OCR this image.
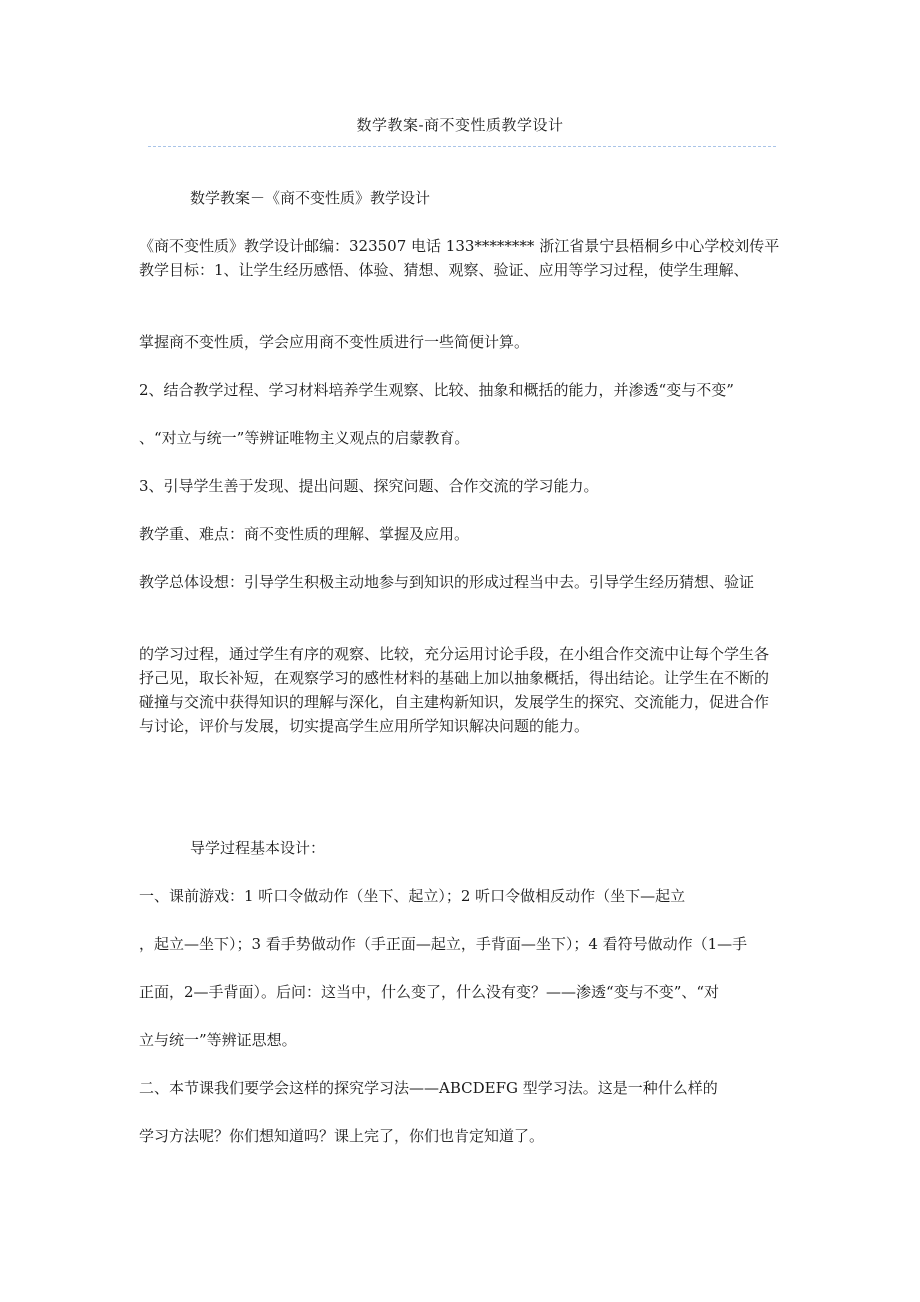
数学教案-商不变性质教学设计

数学教案－《商不变性质》教学设计

《商不变性质》教学设计邮编：323507 电话 133******** 浙江省景宁县梧桐乡中心学校刘传平教学目标：1、让学生经历感悟、体验、猜想、观察、验证、应用等学习过程，使学生理解、

掌握商不变性质，学会应用商不变性质进行一些简便计算。

2、结合教学过程、学习材料培养学生观察、比较、抽象和概括的能力，并渗透“变与不变”

、“对立与统一”等辨证唯物主义观点的启蒙教育。

3、引导学生善于发现、提出问题、探究问题、合作交流的学习能力。

教学重、难点：商不变性质的理解、掌握及应用。

教学总体设想：引导学生积极主动地参与到知识的形成过程当中去。引导学生经历猜想、验证

的学习过程，通过学生有序的观察、比较，充分运用讨论手段，在小组合作交流中让每个学生各抒己见，取长补短，在观察学习的感性材料的基础上加以抽象概括，得出结论。让学生在不断的碰撞与交流中获得知识的理解与深化，自主建构新知识，发展学生的探究、交流能力，促进合作与讨论，评价与发展，切实提高学生应用所学知识解决问题的能力。

导学过程基本设计：

一、课前游戏：1 听口令做动作（坐下、起立）；2 听口令做相反动作（坐下—起立

，起立—坐下）；3 看手势做动作（手正面—起立，手背面—坐下）；4 看符号做动作（1—手

正面，2—手背面）。后问：这当中，什么变了，什么没有变？——渗透“变与不变”、“对

立与统一”等辨证思想。

二、本节课我们要学会这样的探究学习法——ABCDEFG 型学习法。这是一种什么样的

学习方法呢？你们想知道吗？课上完了，你们也肯定知道了。
